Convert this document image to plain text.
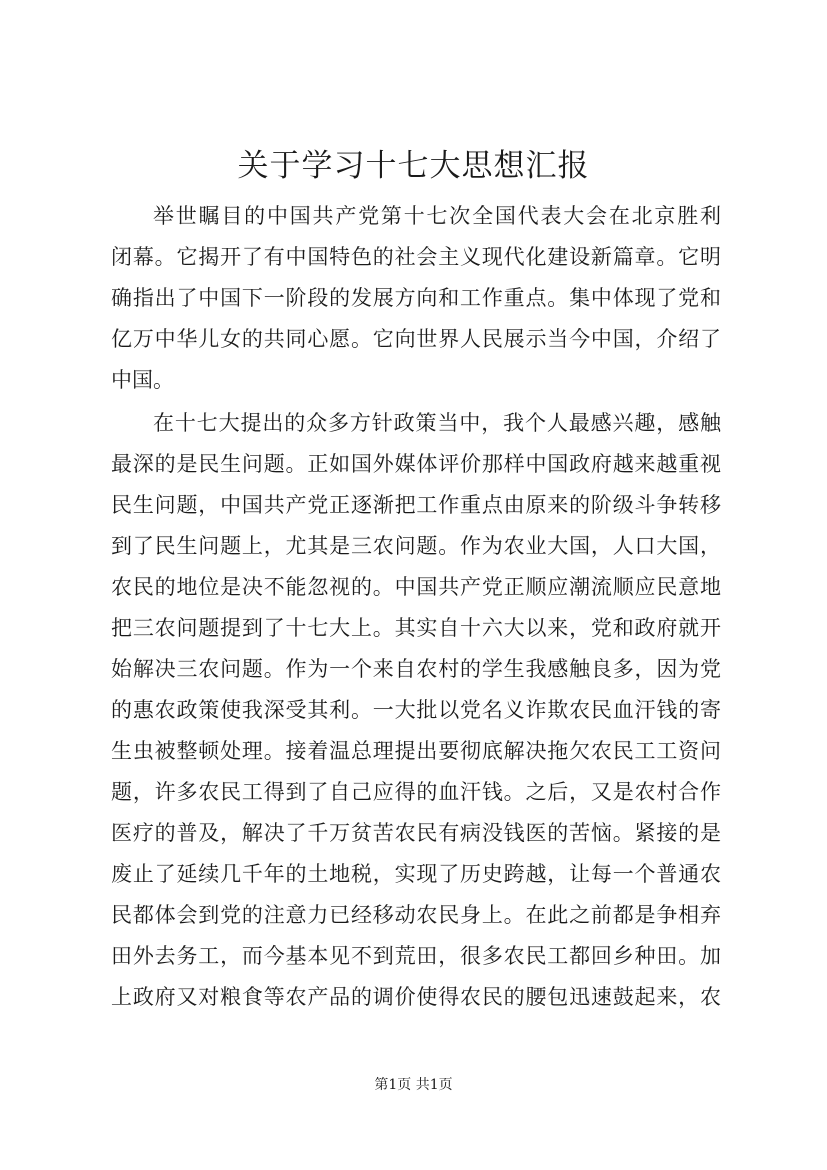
关于学习十七大思想汇报
举世瞩目的中国共产党第十七次全国代表大会在北京胜利
闭幕。它揭开了有中国特色的社会主义现代化建设新篇章。它明
确指出了中国下一阶段的发展方向和工作重点。集中体现了党和
亿万中华儿女的共同心愿。它向世界人民展示当今中国，介绍了
中国。
在十七大提出的众多方针政策当中，我个人最感兴趣，感触
最深的是民生问题。正如国外媒体评价那样中国政府越来越重视
民生问题，中国共产党正逐渐把工作重点由原来的阶级斗争转移
到了民生问题上，尤其是三农问题。作为农业大国，人口大国，
农民的地位是决不能忽视的。中国共产党正顺应潮流顺应民意地
把三农问题提到了十七大上。其实自十六大以来，党和政府就开
始解决三农问题。作为一个来自农村的学生我感触良多，因为党
的惠农政策使我深受其利。一大批以党名义诈欺农民血汗钱的寄
生虫被整顿处理。接着温总理提出要彻底解决拖欠农民工工资问
题，许多农民工得到了自己应得的血汗钱。之后，又是农村合作
医疗的普及，解决了千万贫苦农民有病没钱医的苦恼。紧接的是
废止了延续几千年的土地税，实现了历史跨越，让每一个普通农
民都体会到党的注意力已经移动农民身上。在此之前都是争相弃
田外去务工，而今基本见不到荒田，很多农民工都回乡种田。加
上政府又对粮食等农产品的调价使得农民的腰包迅速鼓起来，农
第1页 共1页
